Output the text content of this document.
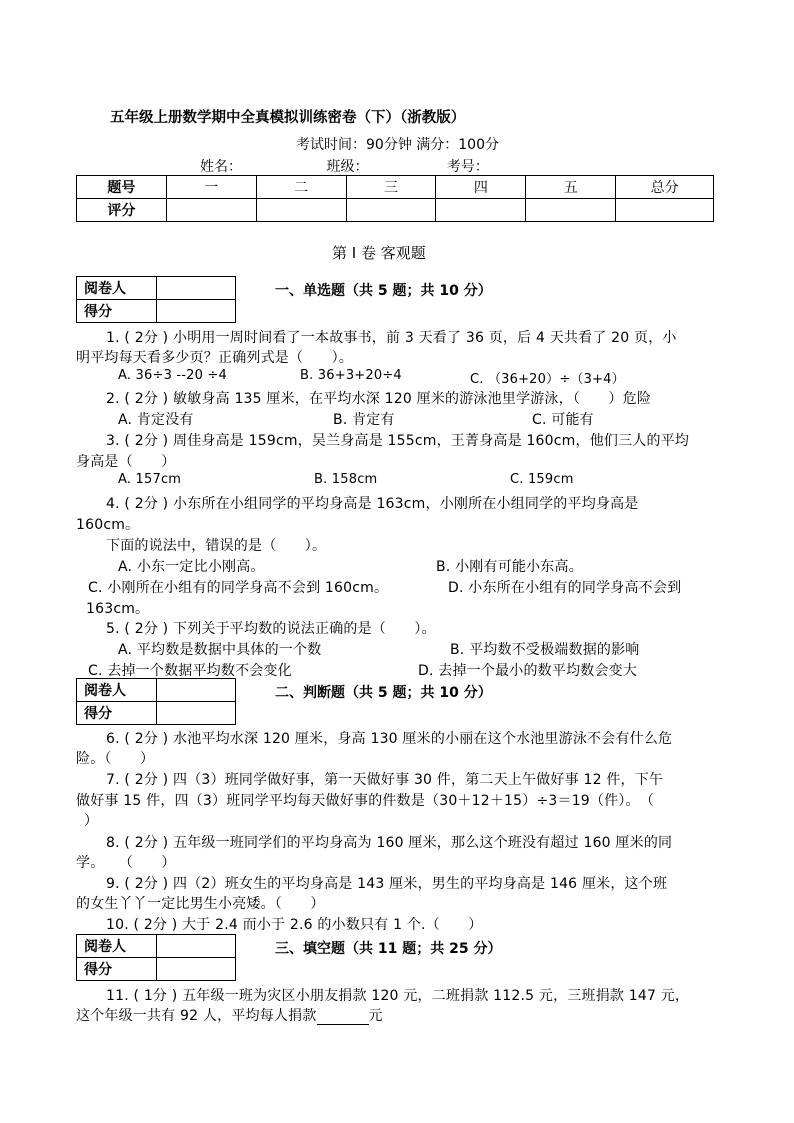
五年级上册数学期中全真模拟训练密卷（下）（浙教版）
考试时间：90分钟 满分：100分
姓名：	班级：	考号：
题号	一	二	三	四	五	总分
评分						
第 I 卷 客观题
阅卷人	
得分	
一、单选题（共 5 题；共 10 分）
1. ( 2分 ) 小明用一周时间看了一本故事书，前 3 天看了 36 页，后 4 天共看了 20 页，小
明平均每天看多少页？正确列式是（　　）。
A. 36÷3 --20 ÷4	B. 36+3+20÷4	C. （36+20）÷（3+4）
2. ( 2分 ) 敏敏身高 135 厘米，在平均水深 120 厘米的游泳池里学游泳，（　　）危险
A. 肯定没有	B. 肯定有	C. 可能有
3. ( 2分 ) 周佳身高是 159cm，吴兰身高是 155cm，王菁身高是 160cm，他们三人的平均
身高是（　　）
A. 157cm	B. 158cm	C. 159cm
4. ( 2分 ) 小东所在小组同学的平均身高是 163cm，小刚所在小组同学的平均身高是
160cm。
下面的说法中，错误的是（　　）。
A. 小东一定比小刚高。	B. 小刚有可能小东高。
C. 小刚所在小组有的同学身高不会到 160cm。	D. 小东所在小组有的同学身高不会到
163cm。
5. ( 2分 ) 下列关于平均数的说法正确的是（　　）。
A. 平均数是数据中具体的一个数	B. 平均数不受极端数据的影响
C. 去掉一个数据平均数不会变化	D. 去掉一个最小的数平均数会变大
阅卷人	
得分	
二、判断题（共 5 题；共 10 分）
6. ( 2分 ) 水池平均水深 120 厘米，身高 130 厘米的小丽在这个水池里游泳不会有什么危
险。（　　）
7. ( 2分 ) 四（3）班同学做好事，第一天做好事 30 件，第二天上午做好事 12 件，下午
做好事 15 件，四（3）班同学平均每天做好事的件数是（30＋12＋15）÷3＝19（件）。　（
）
8. ( 2分 ) 五年级一班同学们的平均身高为 160 厘米，那么这个班没有超过 160 厘米的同
学。　　（　　）
9. ( 2分 ) 四（2）班女生的平均身高是 143 厘米，男生的平均身高是 146 厘米，这个班
的女生丫丫一定比男生小亮矮。（　　）
10. ( 2分 ) 大于 2.4 而小于 2.6 的小数只有 1 个.（　　）
阅卷人	
得分	
三、填空题（共 11 题；共 25 分）
11. ( 1分 ) 五年级一班为灾区小朋友捐款 120 元，二班捐款 112.5 元，三班捐款 147 元，
这个年级一共有 92 人，平均每人捐款	元
